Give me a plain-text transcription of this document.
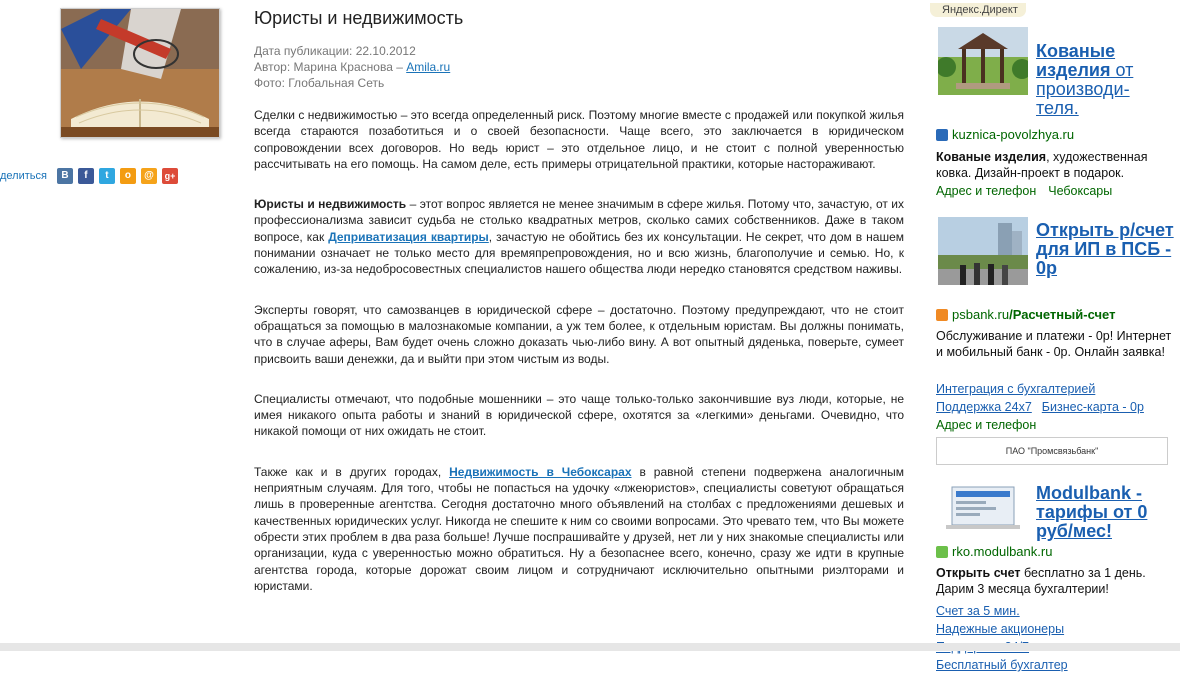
делиться	В	f	t	о	@	g+
Юристы и недвижимость
Дата публикации: 22.10.2012
Автор: Марина Краснова – Amila.ru
Фото: Глобальная Сеть

Сделки с недвижимостью – это всегда определенный риск. Поэтому многие вместе с продажей или покупкой жилья всегда стараются позаботиться и о своей безопасности. Чаще всего, это заключается в юридическом сопровождении всех договоров. Но ведь юрист – это отдельное лицо, и не стоит с полной уверенностью рассчитывать на его помощь. На самом деле, есть примеры отрицательной практики, которые настораживают.

Юристы и недвижимость – этот вопрос является не менее значимым в сфере жилья. Потому что, зачастую, от их профессионализма зависит судьба не столько квадратных метров, сколько самих собственников. Даже в таком вопросе, как Деприватизация квартиры, зачастую не обойтись без их консультации. Не секрет, что дом в нашем понимании означает не только место для времяпрепровождения, но и всю жизнь, благополучие и семью. Но, к сожалению, из-за недобросовестных специалистов нашего общества люди нередко становятся средством наживы.

Эксперты говорят, что самозванцев в юридической сфере – достаточно. Поэтому предупреждают, что не стоит обращаться за помощью в малознакомые компании, а уж тем более, к отдельным юристам. Вы должны понимать, что в случае аферы, Вам будет очень сложно доказать чью-либо вину. А вот опытный дяденька, поверьте, сумеет присвоить ваши денежки, да и выйти при этом чистым из воды.

Специалисты отмечают, что подобные мошенники – это чаще только-только закончившие вуз люди, которые, не имея никакого опыта работы и знаний в юридической сфере, охотятся за «легкими» деньгами. Очевидно, что никакой помощи от них ожидать не стоит.

Также как и в других городах, Недвижимость в Чебоксарах в равной степени подвержена аналогичным неприятным случаям. Для того, чтобы не попасться на удочку «лжеюристов», специалисты советуют обращаться лишь в проверенные агентства. Сегодня достаточно много объявлений на столбах с предложениями дешевых и качественных юридических услуг. Никогда не спешите к ним со своими вопросами. Это чревато тем, что Вы можете обрести этих проблем в два раза больше! Лучше поспрашивайте у друзей, нет ли у них знакомые специалисты или организации, куда с уверенностью можно обратиться. Ну а безопаснее всего, конечно, сразу же идти в крупные агентства города, которые дорожат своим лицом и сотрудничают исключительно опытными риэлторами и юристами.

Яндекс.Директ
Кованые изделия от производи-теля.
kuznica-povolzhya.ru
Кованые изделия, художественная ковка. Дизайн-проект в подарок.
Адрес и телефон Чебоксары
Открыть р/счет для ИП в ПСБ - 0р
psbank.ru /Расчетный-счет
Обслуживание и платежи - 0р! Интернет и мобильный банк - 0р. Онлайн заявка!
Интеграция с бухгалтерией
Поддержка 24х7 Бизнес-карта - 0р
Адрес и телефон
ПАО "Промсвязьбанк"
Modulbank - тарифы от 0 руб/мес!
rko.modulbank.ru
Открыть счет бесплатно за 1 день. Дарим 3 месяца бухгалтерии!
Счет за 5 мин.
Надежные акционеры
Бесплатный бухгалтер
